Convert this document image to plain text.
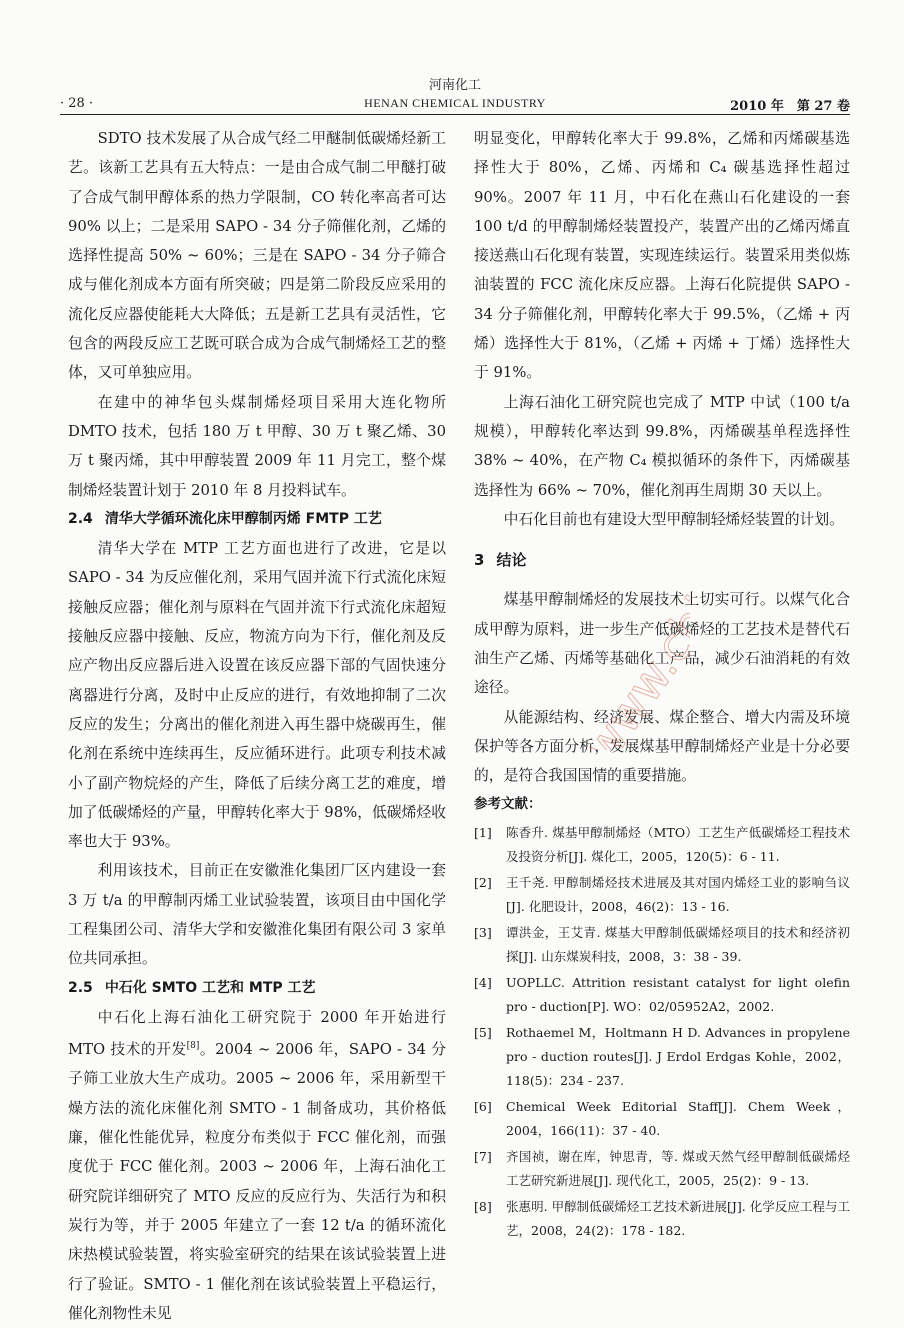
河南化工
· 28 ·	HENAN CHEMICAL INDUSTRY	2010 年　第 27 卷

SDTO 技术发展了从合成气经二甲醚制低碳烯烃新工艺。该新工艺具有五大特点：一是由合成气制二甲醚打破了合成气制甲醇体系的热力学限制，CO 转化率高者可达 90% 以上；二是采用 SAPO - 34 分子筛催化剂，乙烯的选择性提高 50% ~ 60%；三是在 SAPO - 34 分子筛合成与催化剂成本方面有所突破；四是第二阶段反应采用的流化反应器使能耗大大降低；五是新工艺具有灵活性，它包含的两段反应工艺既可联合成为合成气制烯烃工艺的整体，又可单独应用。

在建中的神华包头煤制烯烃项目采用大连化物所 DMTO 技术，包括 180 万 t 甲醇、30 万 t 聚乙烯、30 万 t 聚丙烯，其中甲醇装置 2009 年 11 月完工，整个煤制烯烃装置计划于 2010 年 8 月投料试车。

2.4 清华大学循环流化床甲醇制丙烯 FMTP 工艺

清华大学在 MTP 工艺方面也进行了改进，它是以 SAPO - 34 为反应催化剂，采用气固并流下行式流化床短接触反应器；催化剂与原料在气固并流下行式流化床超短接触反应器中接触、反应，物流方向为下行，催化剂及反应产物出反应器后进入设置在该反应器下部的气固快速分离器进行分离，及时中止反应的进行，有效地抑制了二次反应的发生；分离出的催化剂进入再生器中烧碳再生，催化剂在系统中连续再生，反应循环进行。此项专利技术减小了副产物烷烃的产生，降低了后续分离工艺的难度，增加了低碳烯烃的产量，甲醇转化率大于 98%，低碳烯烃收率也大于 93%。

利用该技术，目前正在安徽淮化集团厂区内建设一套 3 万 t/a 的甲醇制丙烯工业试验装置，该项目由中国化学工程集团公司、清华大学和安徽淮化集团有限公司 3 家单位共同承担。

2.5 中石化 SMTO 工艺和 MTP 工艺

中石化上海石油化工研究院于 2000 年开始进行 MTO 技术的开发[8]。2004 ~ 2006 年，SAPO - 34 分子筛工业放大生产成功。2005 ~ 2006 年，采用新型干燥方法的流化床催化剂 SMTO - 1 制备成功，其价格低廉，催化性能优异，粒度分布类似于 FCC 催化剂，而强度优于 FCC 催化剂。2003 ~ 2006 年，上海石油化工研究院详细研究了 MTO 反应的反应行为、失活行为和积炭行为等，并于 2005 年建立了一套 12 t/a 的循环流化床热模试验装置，将实验室研究的结果在该试验装置上进行了验证。SMTO - 1 催化剂在该试验装置上平稳运行，催化剂物性未见

明显变化，甲醇转化率大于 99.8%，乙烯和丙烯碳基选择性大于 80%，乙烯、丙烯和 C₄ 碳基选择性超过 90%。2007 年 11 月，中石化在燕山石化建设的一套 100 t/d 的甲醇制烯烃装置投产，装置产出的乙烯丙烯直接送燕山石化现有装置，实现连续运行。装置采用类似炼油装置的 FCC 流化床反应器。上海石化院提供 SAPO - 34 分子筛催化剂，甲醇转化率大于 99.5%，（乙烯 + 丙烯）选择性大于 81%，（乙烯 + 丙烯 + 丁烯）选择性大于 91%。

上海石油化工研究院也完成了 MTP 中试（100 t/a 规模），甲醇转化率达到 99.8%，丙烯碳基单程选择性 38% ~ 40%，在产物 C₄ 模拟循环的条件下，丙烯碳基选择性为 66% ~ 70%，催化剂再生周期 30 天以上。

中石化目前也有建设大型甲醇制轻烯烃装置的计划。

3 结论

煤基甲醇制烯烃的发展技术上切实可行。以煤气化合成甲醇为原料，进一步生产低碳烯烃的工艺技术是替代石油生产乙烯、丙烯等基础化工产品，减少石油消耗的有效途径。

从能源结构、经济发展、煤企整合、增大内需及环境保护等各方面分析，发展煤基甲醇制烯烃产业是十分必要的，是符合我国国情的重要措施。

参考文献：
[1]	陈香升. 煤基甲醇制烯烃（MTO）工艺生产低碳烯烃工程技术及投资分析[J]. 煤化工，2005，120(5)：6 - 11.
[2]	王千尧. 甲醇制烯烃技术进展及其对国内烯烃工业的影响刍议[J]. 化肥设计，2008，46(2)：13 - 16.
[3]	谭洪金，王艾青. 煤基大甲醇制低碳烯烃项目的技术和经济初探[J]. 山东煤炭科技，2008，3：38 - 39.
[4]	UOPLLC. Attrition resistant catalyst for light olefin pro - duction[P]. WO：02/05952A2，2002.
[5]	Rothaemel M，Holtmann H D. Advances in propylene pro - duction routes[J]. J Erdol Erdgas Kohle，2002，118(5)：234 - 237.
[6]	Chemical Week Editorial Staff[J]. Chem Week，2004，166(11)：37 - 40.
[7]	齐国祯，谢在库，钟思青，等. 煤或天然气经甲醇制低碳烯烃工艺研究新进展[J]. 现代化工，2005，25(2)：9 - 13.
[8]	张惠明. 甲醇制低碳烯烃工艺技术新进展[J]. 化学反应工程与工艺，2008，24(2)：178 - 182.
www.chinahgz.com
